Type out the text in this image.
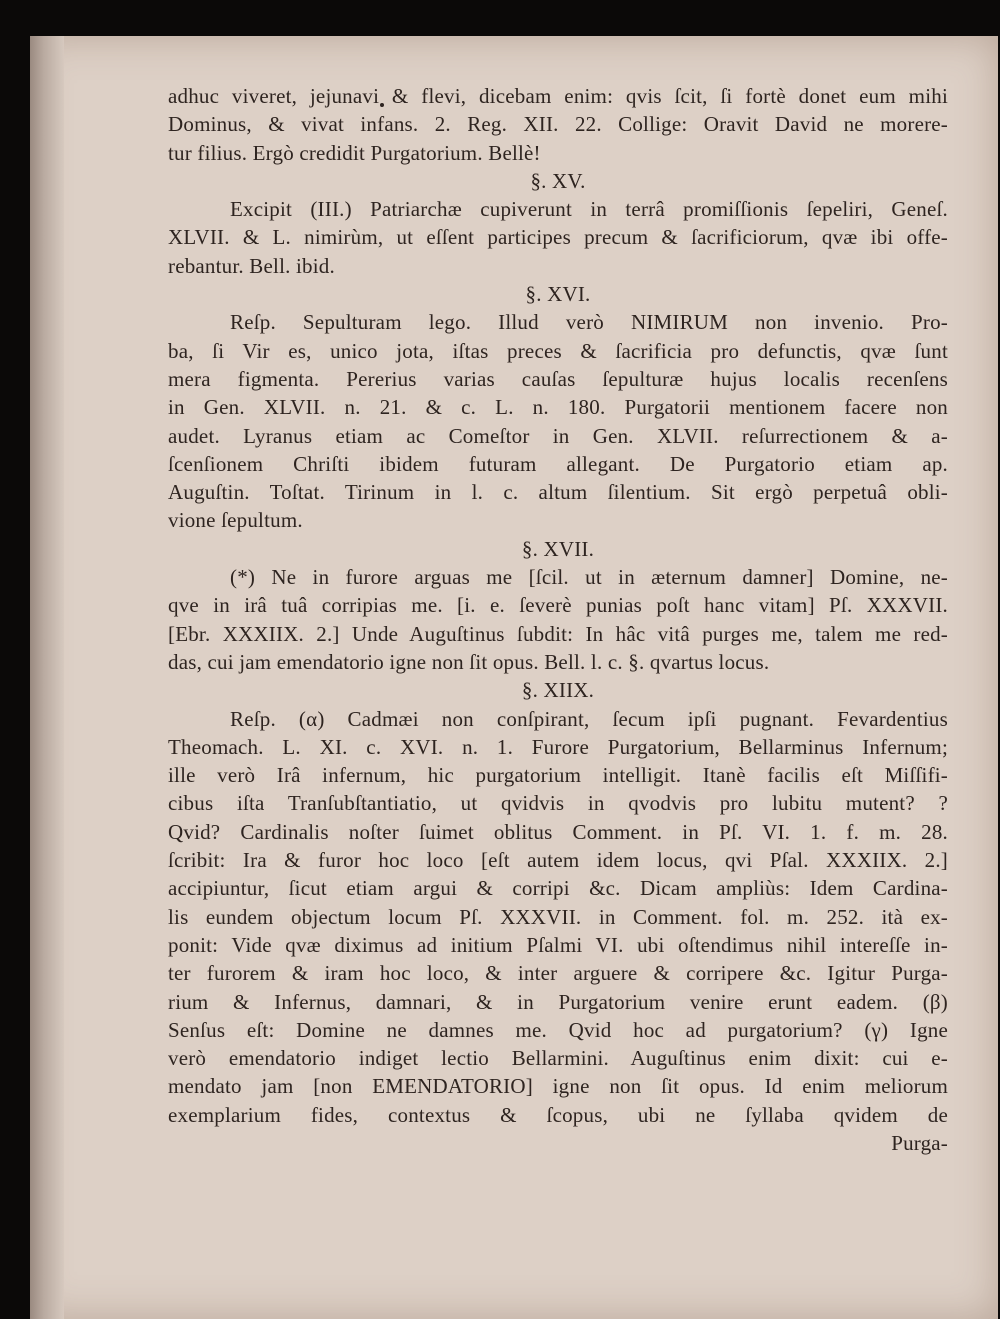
adhuc viveret, jejunavi & flevi, dicebam enim: qvis ſcit, ſi fortè donet eum mihi
Dominus, & vivat infans. 2. Reg. XII. 22. Collige: Oravit David ne morere-
tur filius. Ergò credidit Purgatorium. Bellè!
§. XV.
Excipit (III.) Patriarchæ cupiverunt in terrâ promiſſionis ſepeliri, Geneſ.
XLVII. & L. nimirùm, ut eſſent participes precum & ſacrificiorum, qvæ ibi offe-
rebantur. Bell. ibid.
§. XVI.
Reſp. Sepulturam lego. Illud verò NIMIRUM non invenio. Pro-
ba, ſi Vir es, unico jota, iſtas preces & ſacrificia pro defunctis, qvæ ſunt
mera figmenta. Pererius varias cauſas ſepulturæ hujus localis recenſens
in Gen. XLVII. n. 21. & c. L. n. 180. Purgatorii mentionem facere non
audet. Lyranus etiam ac Comeſtor in Gen. XLVII. reſurrectionem & a-
ſcenſionem Chriſti ibidem futuram allegant. De Purgatorio etiam ap.
Auguſtin. Toſtat. Tirinum in l. c. altum ſilentium. Sit ergò perpetuâ obli-
vione ſepultum.
§. XVII.
(*) Ne in furore arguas me [ſcil. ut in æternum damner] Domine, ne-
qve in irâ tuâ corripias me. [i. e. ſeverè punias poſt hanc vitam] Pſ. XXXVII.
[Ebr. XXXIIX. 2.] Unde Auguſtinus ſubdit: In hâc vitâ purges me, talem me red-
das, cui jam emendatorio igne non ſit opus. Bell. l. c. §. qvartus locus.
§. XIIX.
Reſp. (α) Cadmæi non conſpirant, ſecum ipſi pugnant. Fevardentius
Theomach. L. XI. c. XVI. n. 1. Furore Purgatorium, Bellarminus Infernum;
ille verò Irâ infernum, hic purgatorium intelligit. Itanè facilis eſt Miſſifi-
cibus iſta Tranſubſtantiatio, ut qvidvis in qvodvis pro lubitu mutent? ?
Qvid? Cardinalis noſter ſuimet oblitus Comment. in Pſ. VI. 1. f. m. 28.
ſcribit: Ira & furor hoc loco [eſt autem idem locus, qvi Pſal. XXXIIX. 2.]
accipiuntur, ſicut etiam argui & corripi &c. Dicam ampliùs: Idem Cardina-
lis eundem objectum locum Pſ. XXXVII. in Comment. fol. m. 252. ità ex-
ponit: Vide qvæ diximus ad initium Pſalmi VI. ubi oſtendimus nihil intereſſe in-
ter furorem & iram hoc loco, & inter arguere & corripere &c. Igitur Purga-
rium & Infernus, damnari, & in Purgatorium venire erunt eadem. (β)
Senſus eſt: Domine ne damnes me. Qvid hoc ad purgatorium? (γ) Igne
verò emendatorio indiget lectio Bellarmini. Auguſtinus enim dixit: cui e-
mendato jam [non EMENDATORIO] igne non ſit opus. Id enim meliorum
exemplarium fides, contextus & ſcopus, ubi ne ſyllaba qvidem de
Purga-
